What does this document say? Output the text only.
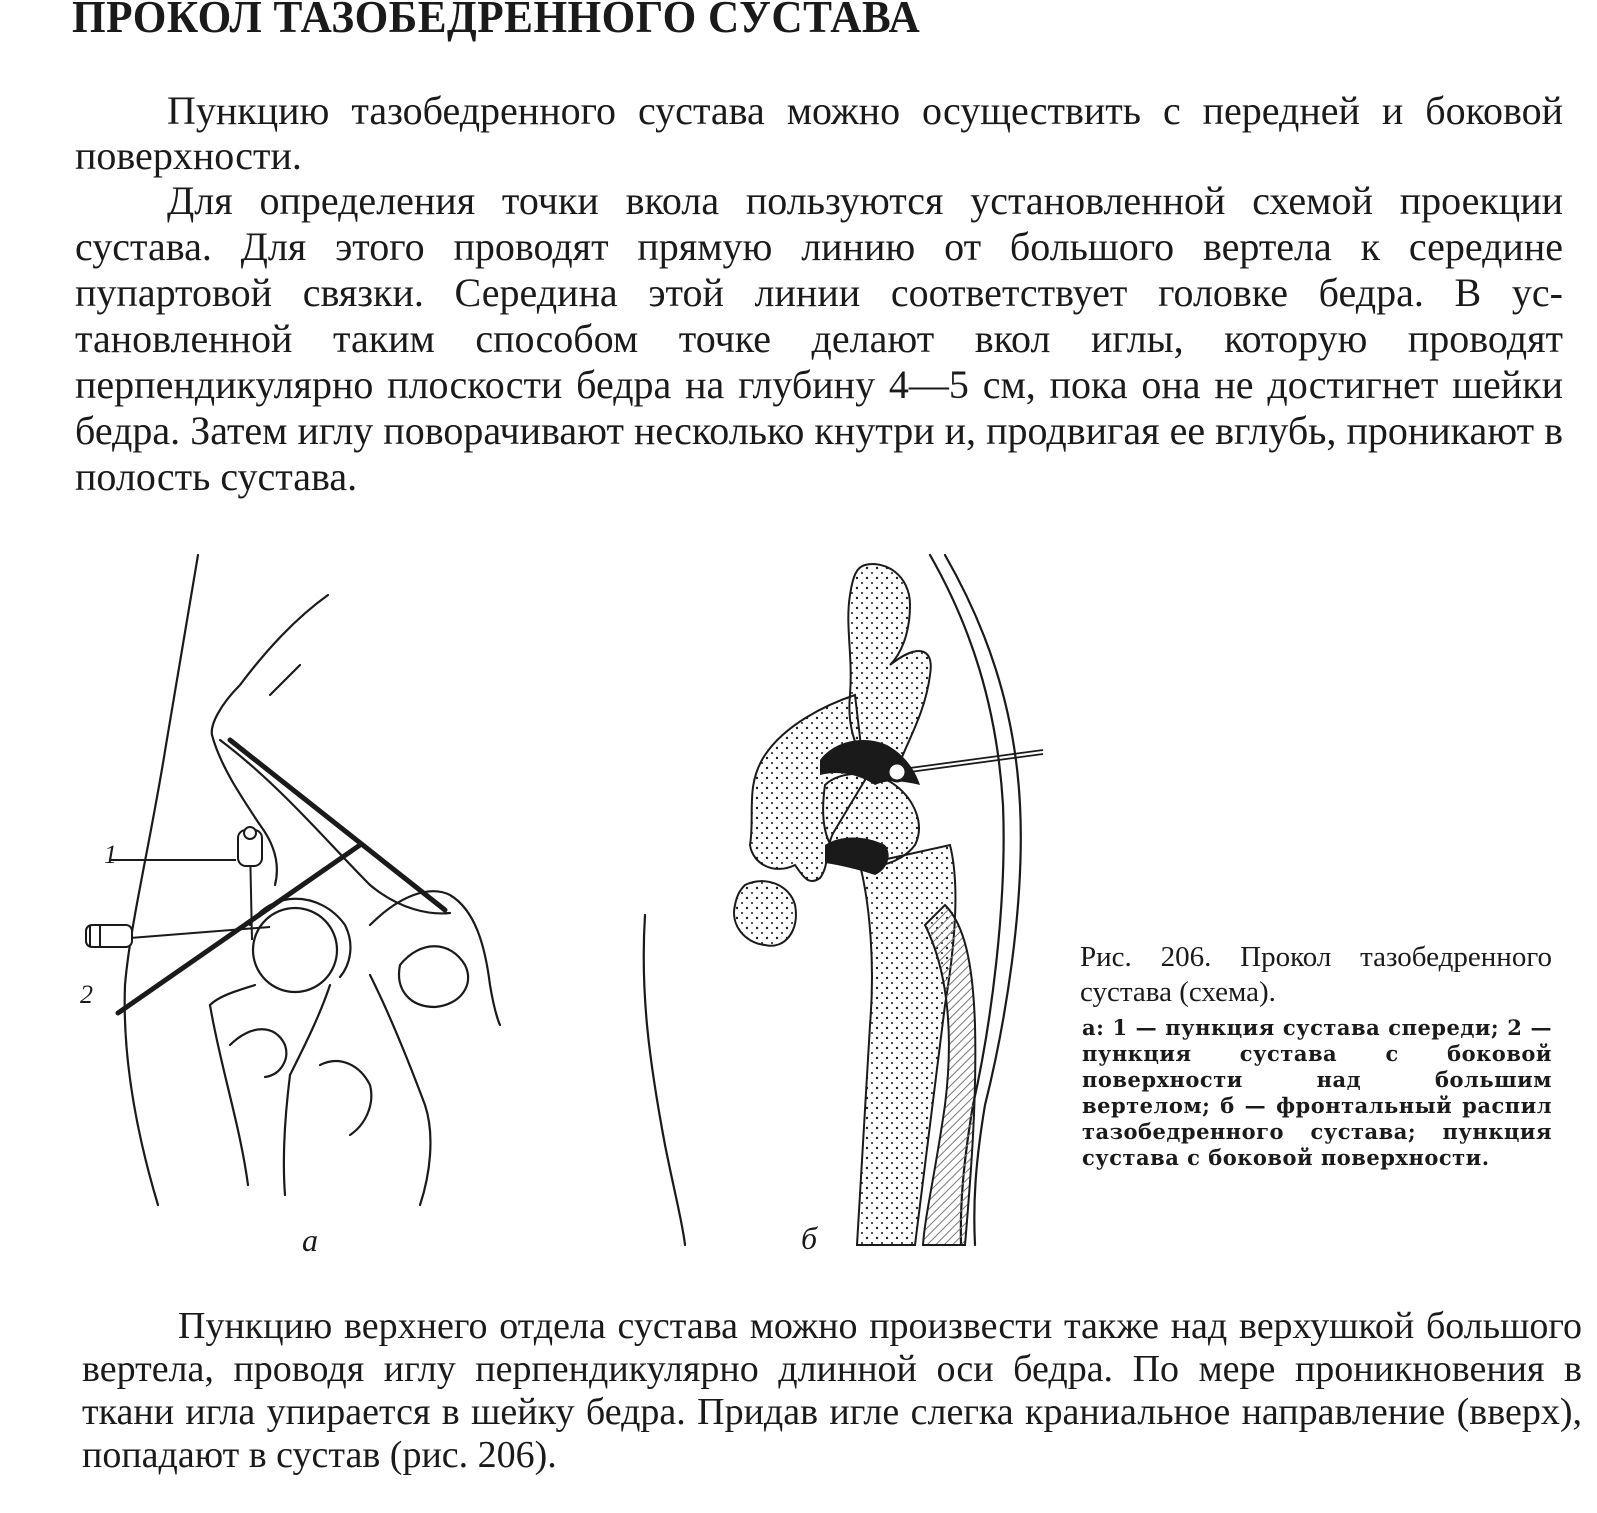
ПРОКОЛ ТАЗОБЕДРЕННОГО СУСТАВА

Пункцию тазобедренного сустава можно осуществить с передней и боковой поверхности.

Для определения точки вкола пользуются установленной схемой проекции сустава. Для этого проводят прямую линию от большого вертела к середине пупартовой связки. Середина этой линии соответствует головке бедра. В установленной таким способом точке делают вкол иглы, которую проводят перпендикулярно плоскости бедра на глубину 4—5 см, пока она не достигнет шейки бедра. Затем иглу поворачивают несколько кнутри и, продвигая ее вглубь, проникают в полость сустава.

1
2
а	б

Рис. 206. Прокол тазобедренного сустава (схема).

а: 1 — пункция сустава спереди; 2 — пункция сустава с боковой поверхности над большим вертелом; б — фронтальный распил тазобедренного сустава; пункция сустава с боковой поверхности.

Пункцию верхнего отдела сустава можно произвести также над верхушкой большого вертела, проводя иглу перпендикулярно длинной оси бедра. По мере проникновения в ткани игла упирается в шейку бедра. Придав игле слегка краниальное направление (вверх), попадают в сустав (рис. 206).
